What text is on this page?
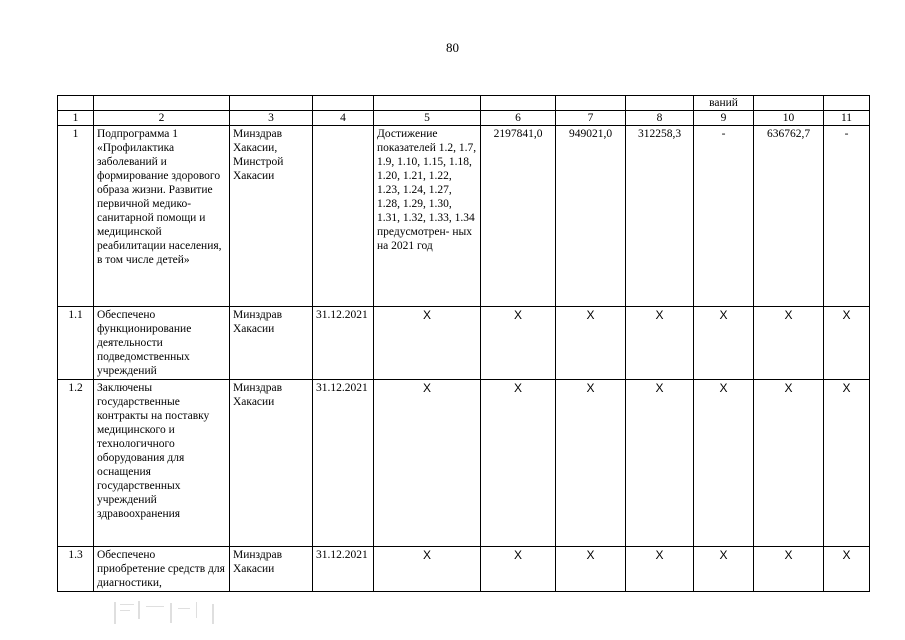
80
								ваний		
1	2	3	4	5	6	7	8	9	10	11
1	Подпрограмма 1 «Профилактика заболеваний и формирование здорового образа жизни. Развитие первичной медико- санитарной помощи и медицинской реабилитации населения, в том числе детей»	Минздрав Хакасии, Минстрой Хакасии		Достижение показателей 1.2, 1.7, 1.9, 1.10, 1.15, 1.18, 1.20, 1.21, 1.22, 1.23, 1.24, 1.27, 1.28, 1.29, 1.30, 1.31, 1.32, 1.33, 1.34 предусмотрен- ных на 2021 год	2197841,0	949021,0	312258,3	-	636762,7	-
1.1	Обеспечено функционирование деятельности подведомственных учреждений	Минздрав Хакасии	31.12.2021	X	X	X	X	X	X	X
1.2	Заключены государственные контракты на поставку медицинского и технологичного оборудования для оснащения государственных учреждений здравоохранения	Минздрав Хакасии	31.12.2021	X	X	X	X	X	X	X
1.3	Обеспечено приобретение средств для диагностики,	Минздрав Хакасии	31.12.2021	X	X	X	X	X	X	X
